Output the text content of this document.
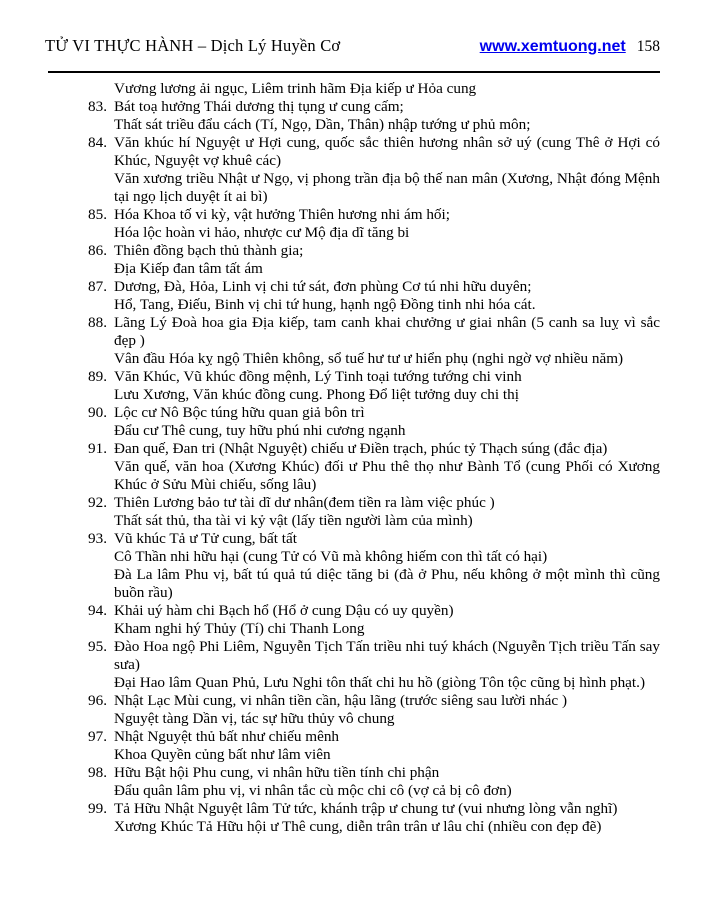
TỬ VI THỰC HÀNH – Dịch Lý Huyền Cơ	www.xemtuong.net 158
Vương lương ải ngục, Liêm trinh hãm Địa kiếp ư Hỏa cung
83. Bát toạ hưởng Thái dương thị tụng ư cung cấm;
Thất sát triều đẩu cách (Tí, Ngọ, Dần, Thân) nhập tướng ư phủ môn;
84. Văn khúc hí Nguyệt ư Hợi cung, quốc sắc thiên hương nhân sở uý (cung Thê ở Hợi có Khúc, Nguyệt vợ khuê các)
Văn xương triều Nhật ư Ngọ, vị phong trần địa bộ thế nan mân (Xương, Nhật đóng Mệnh tại ngọ lịch duyệt ít ai bì)
85. Hóa Khoa tố vi kỳ, vật hưởng Thiên hương nhi ám hối;
Hóa lộc hoàn vi hảo, nhược cư Mộ địa dĩ tăng bi
86. Thiên đồng bạch thủ thành gia;
Địa Kiếp đan tâm tất ám
87. Dương, Đà, Hỏa, Linh vị chi tứ sát, đơn phùng Cơ tú nhi hữu duyên;
Hổ, Tang, Điếu, Binh vị chi tứ hung, hạnh ngộ Đồng tinh nhi hóa cát.
88. Lãng Lý Đoà hoa gia Địa kiếp, tam canh khai chưởng ư giai nhân (5 canh sa luỵ vì sắc đẹp )
Vân đầu Hóa kỵ ngộ Thiên không, sổ tuế hư tư ư hiển phụ (nghi ngờ vợ nhiều năm)
89. Văn Khúc, Vũ khúc đồng mệnh, Lý Tinh toại tướng tướng chi vinh
Lưu Xương, Văn khúc đồng cung. Phong Đổ liệt tưởng duy chi thị
90. Lộc cư Nô Bộc túng hữu quan giả bôn trì
Đẩu cư Thê cung, tuy hữu phú nhi cương ngạnh
91. Đan quế, Đan tri (Nhật Nguyệt) chiếu ư Điền trạch, phúc tỷ Thạch súng (đắc địa)
Văn quế, văn hoa (Xương Khúc) đối ư Phu thê thọ như Bành Tổ (cung Phối có Xương Khúc ở Sửu Mùi chiếu, sống lâu)
92. Thiên Lương bảo tư tài dĩ dư nhân(đem tiền ra làm việc phúc )
Thất sát thủ, tha tài vi kỷ vật (lấy tiền người làm của mình)
93. Vũ khúc Tả ư Tử cung, bất tất
Cô Thần nhi hữu hại (cung Tử có Vũ mà không hiếm con thì tất có hại)
Đà La lâm Phu vị, bất tú quả tú diệc tăng bi (đà ở Phu, nếu không ở một mình thì cũng buồn rầu)
94. Khải uý hàm chi Bạch hổ (Hổ ở cung Dậu có uy quyền)
Kham nghi hý Thủy (Tí) chi Thanh Long
95. Đào Hoa ngộ Phi Liêm, Nguyễn Tịch Tấn triều nhi tuý khách (Nguyễn Tịch triều Tấn say sưa)
Đại Hao lâm Quan Phủ, Lưu Nghi tôn thất chi hu hồ (giòng Tôn tộc cũng bị hình phạt.)
96. Nhật Lạc Mùi cung, vi nhân tiền cần, hậu lãng (trước siêng sau lười nhác )
Nguyệt tàng Dần vị, tác sự hữu thủy vô chung
97. Nhật Nguyệt thủ bất như chiếu mênh
Khoa Quyền củng bất như lâm viên
98. Hữu Bật hội Phu cung, vi nhân hữu tiền tính chi phận
Đẩu quân lâm phu vị, vi nhân tắc cù mộc chi cô (vợ cả bị cô đơn)
99. Tả Hữu Nhật Nguyệt lâm Tử tức, khánh trập ư chung tư (vui nhưng lòng vẫn nghĩ)
Xương Khúc Tả Hữu hội ư Thê cung, diễn trân trân ư lâu chỉ (nhiều con đẹp đẽ)
